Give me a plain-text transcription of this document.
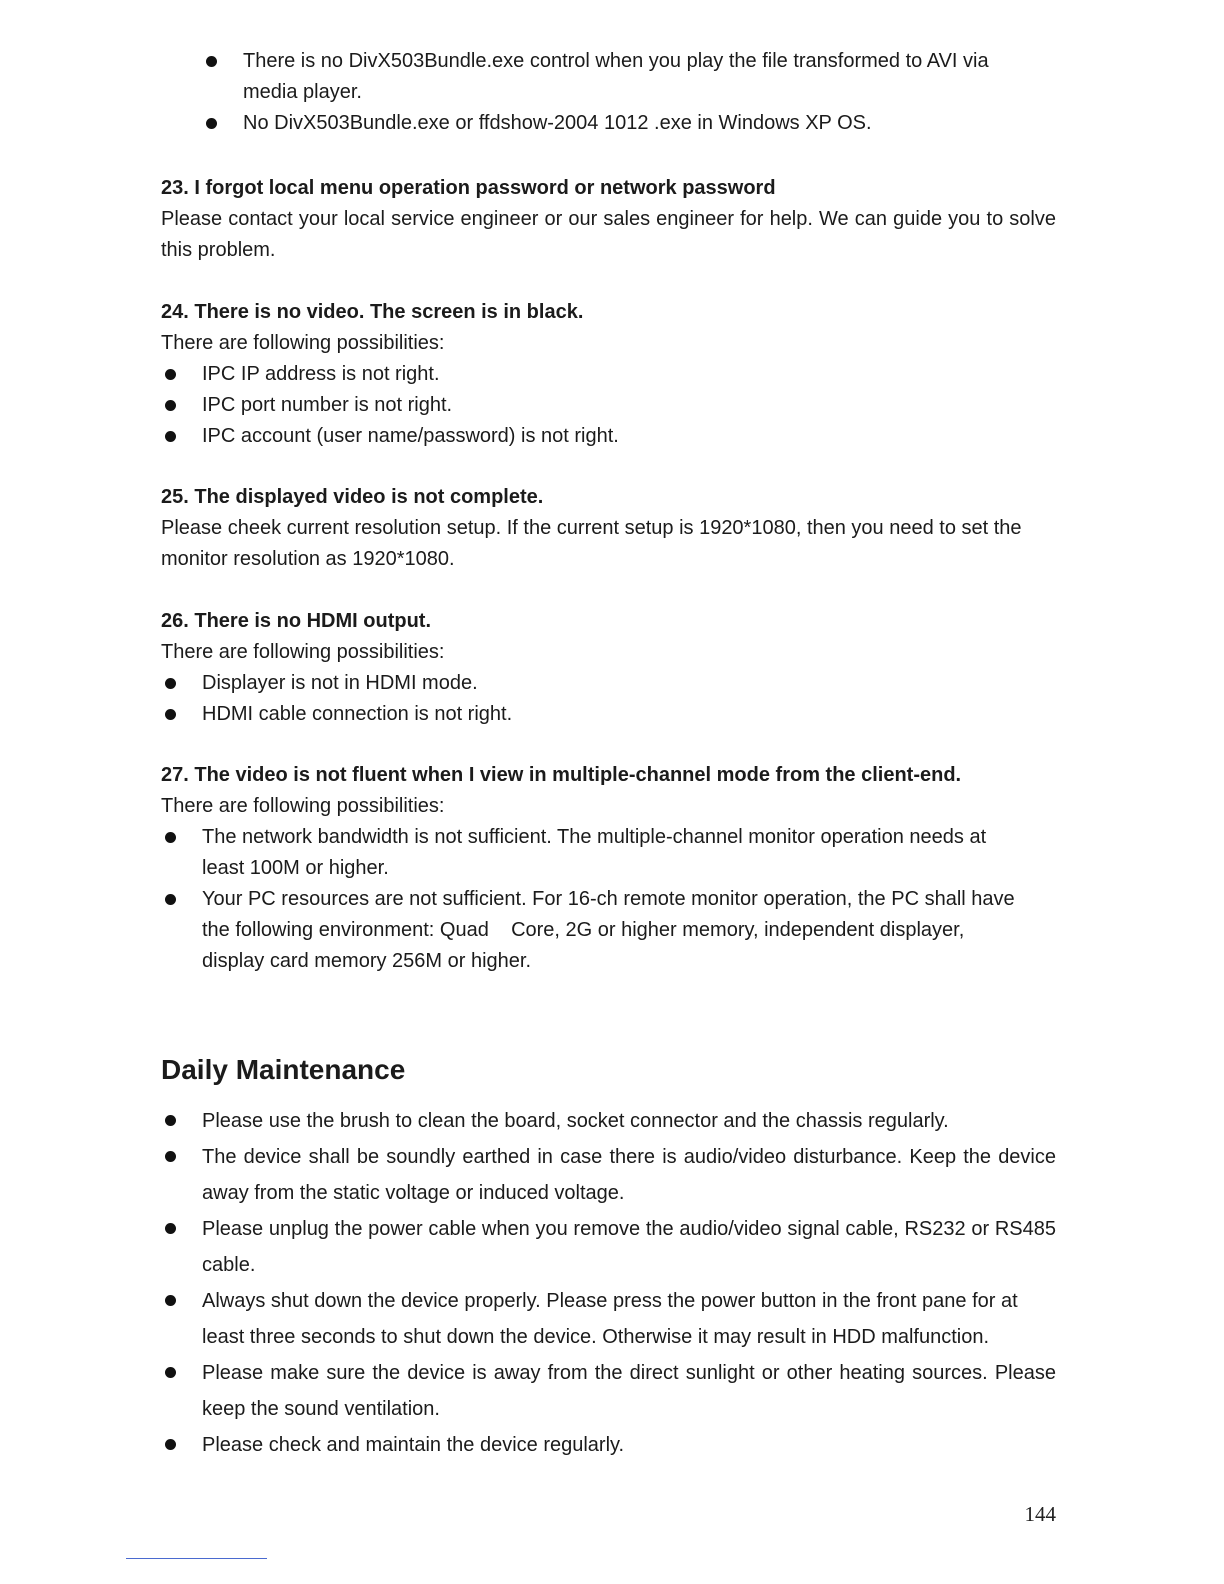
There is no DivX503Bundle.exe control when you play the file transformed to AVI via media player.
No DivX503Bundle.exe or ffdshow-2004 1012 .exe in Windows XP OS.
23. I forgot local menu operation password or network password
Please contact your local service engineer or our sales engineer for help. We can guide you to solve this problem.
24. There is no video. The screen is in black.
There are following possibilities:
IPC IP address is not right.
IPC port number is not right.
IPC account (user name/password) is not right.
25. The displayed video is not complete.
Please cheek current resolution setup. If the current setup is 1920*1080, then you need to set the monitor resolution as 1920*1080.
26. There is no HDMI output.
There are following possibilities:
Displayer is not in HDMI mode.
HDMI cable connection is not right.
27. The video is not fluent when I view in multiple-channel mode from the client-end.
There are following possibilities:
The network bandwidth is not sufficient. The multiple-channel monitor operation needs at least 100M or higher.
Your PC resources are not sufficient. For 16-ch remote monitor operation, the PC shall have the following environment: Quad    Core, 2G or higher memory, independent displayer, display card memory 256M or higher.
Daily Maintenance
Please use the brush to clean the board, socket connector and the chassis regularly.
The device shall be soundly earthed in case there is audio/video disturbance. Keep the device away from the static voltage or induced voltage.
Please unplug the power cable when you remove the audio/video signal cable, RS232 or RS485 cable.
Always shut down the device properly. Please press the power button in the front pane for at least three seconds to shut down the device. Otherwise it may result in HDD malfunction.
Please make sure the device is away from the direct sunlight or other heating sources. Please keep the sound ventilation.
Please check and maintain the device regularly.
144
